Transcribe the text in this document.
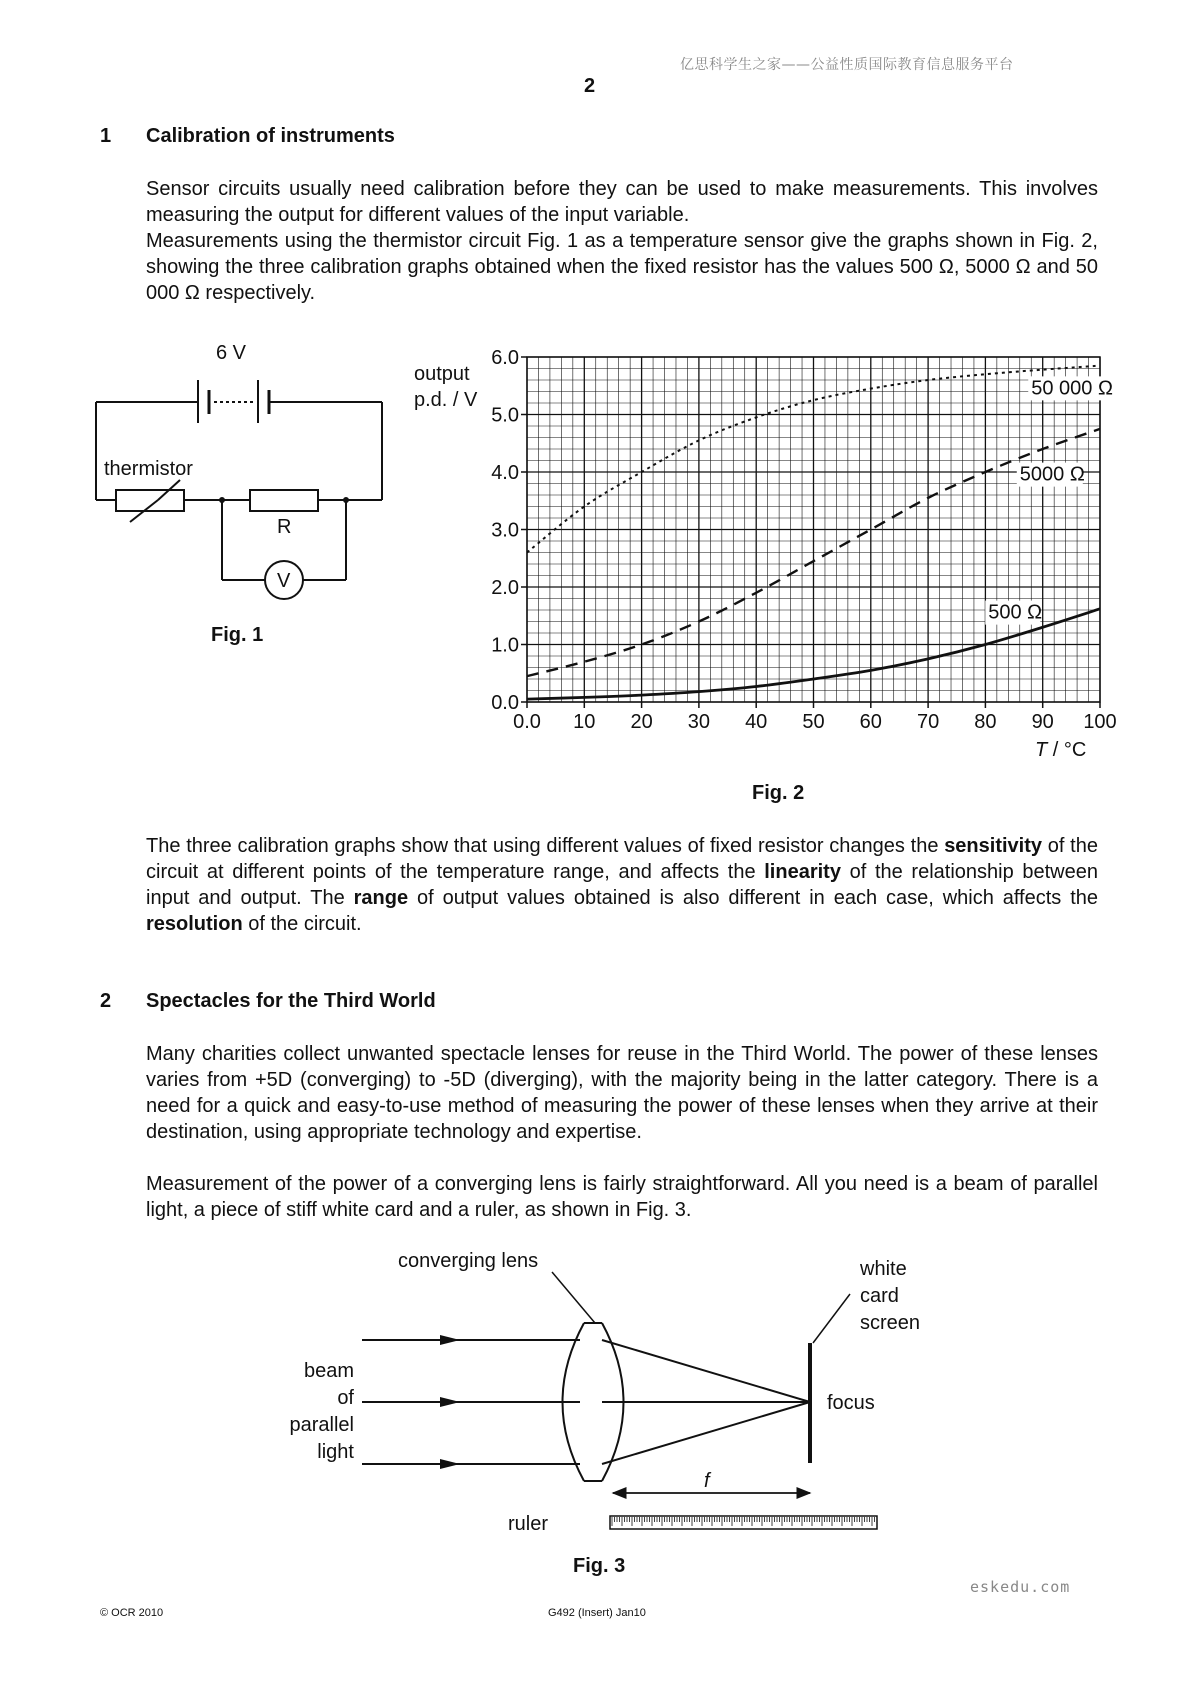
亿思科学生之家——公益性质国际教育信息服务平台
2
1 Calibration of instruments

Sensor circuits usually need calibration before they can be used to make measurements. This involves measuring the output for different values of the input variable.

Measurements using the thermistor circuit Fig. 1 as a temperature sensor give the graphs shown in Fig. 2, showing the three calibration graphs obtained when the fixed resistor has the values 500 Ω, 5000 Ω and 50 000 Ω respectively.

6 V
thermistor
R
V
Fig. 1
0.0 10 20 30 40 50 60 70 80 90 100
0.0
1.0
2.0
3.0
4.0
5.0
6.0
output
p.d. / V
T / °C
50 000 Ω
5000 Ω
500 Ω
Fig. 2

The three calibration graphs show that using different values of fixed resistor changes the sensitivity of the circuit at different points of the temperature range, and affects the linearity of the relationship between input and output. The range of output values obtained is also different in each case, which affects the resolution of the circuit.

2 Spectacles for the Third World

Many charities collect unwanted spectacle lenses for reuse in the Third World. The power of these lenses varies from +5D (converging) to -5D (diverging), with the majority being in the latter category. There is a need for a quick and easy-to-use method of measuring the power of these lenses when they arrive at their destination, using appropriate technology and expertise.

Measurement of the power of a converging lens is fairly straightforward. All you need is a beam of parallel light, a piece of stiff white card and a ruler, as shown in Fig. 3.

converging lens	white
card
screen
beam
of
parallel
light
focus
f
ruler
Fig. 3
eskedu.com
© OCR 2010	G492 (Insert) Jan10
